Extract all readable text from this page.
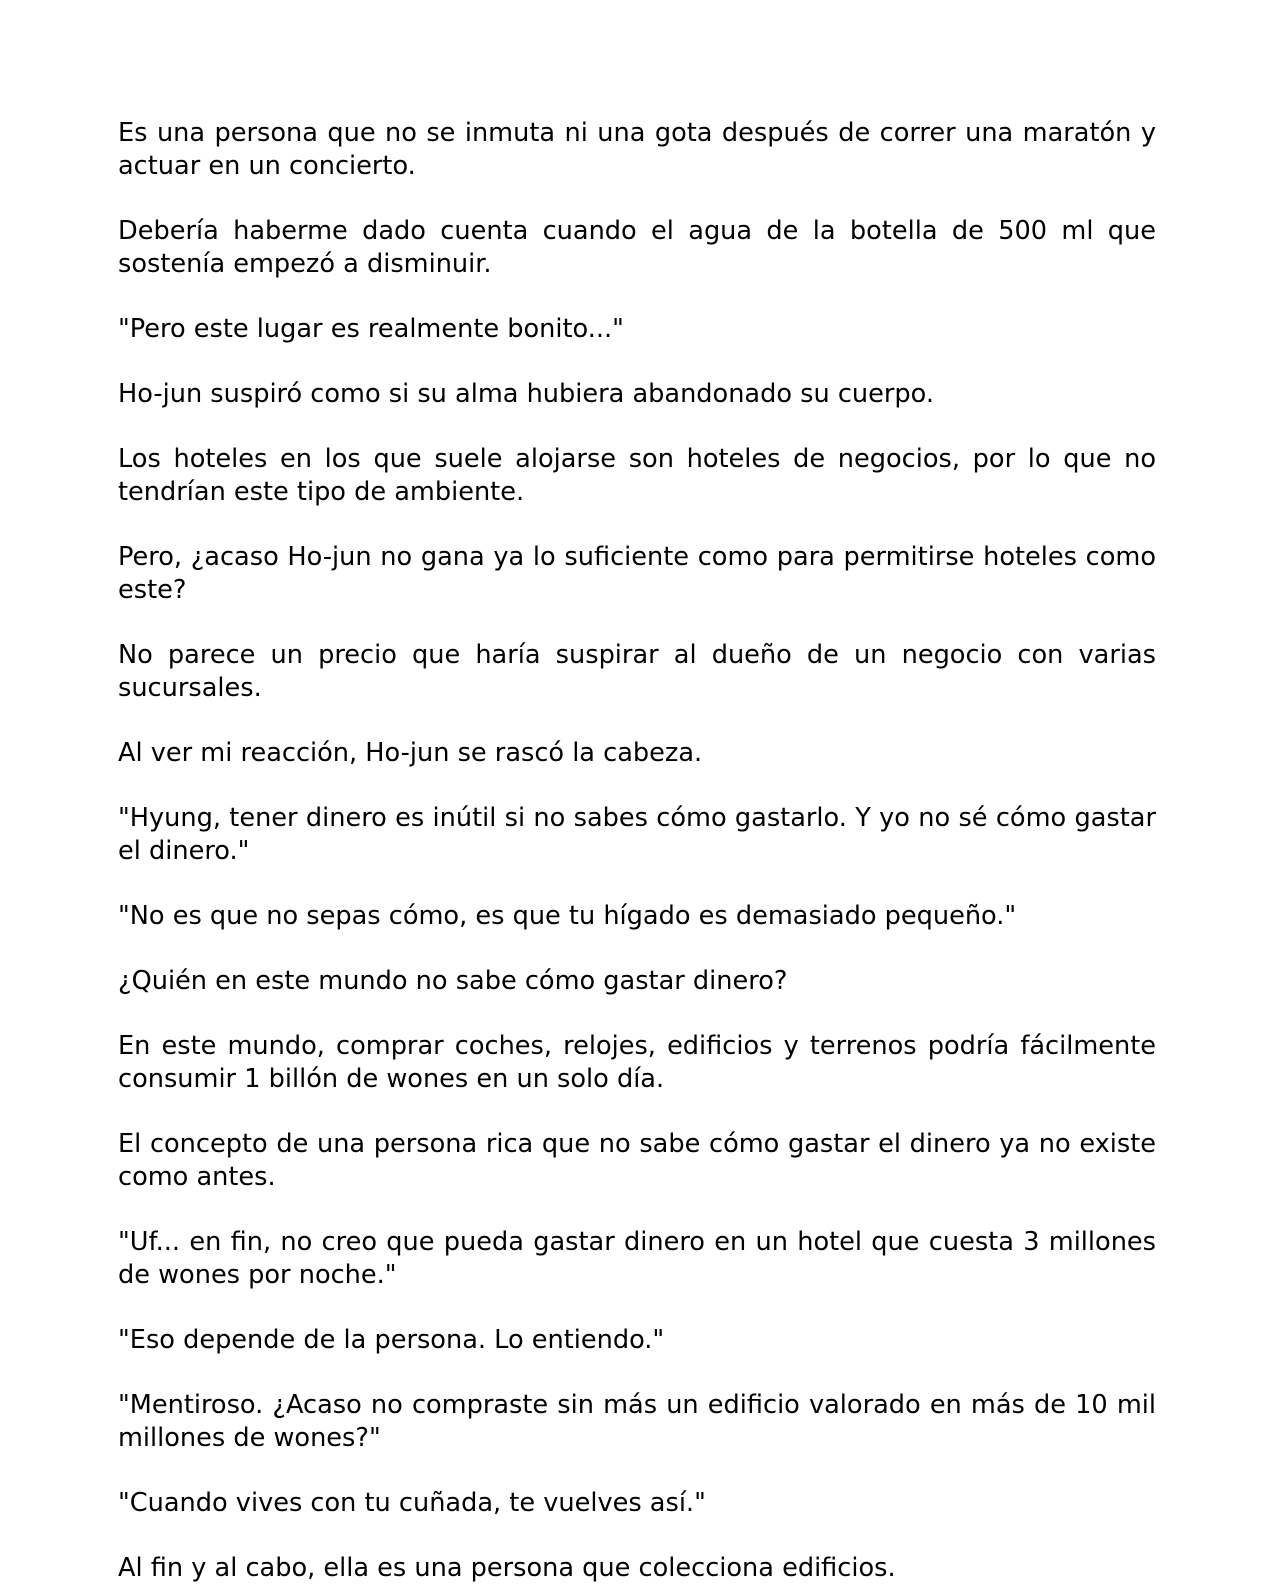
Es una persona que no se inmuta ni una gota después de correr una maratón y actuar en un concierto.

Debería haberme dado cuenta cuando el agua de la botella de 500 ml que sostenía empezó a disminuir.

"Pero este lugar es realmente bonito..."

Ho-jun suspiró como si su alma hubiera abandonado su cuerpo.

Los hoteles en los que suele alojarse son hoteles de negocios, por lo que no tendrían este tipo de ambiente.

Pero, ¿acaso Ho-jun no gana ya lo suficiente como para permitirse hoteles como este?

No parece un precio que haría suspirar al dueño de un negocio con varias sucursales.

Al ver mi reacción, Ho-jun se rascó la cabeza.

"Hyung, tener dinero es inútil si no sabes cómo gastarlo. Y yo no sé cómo gastar el dinero."

"No es que no sepas cómo, es que tu hígado es demasiado pequeño."

¿Quién en este mundo no sabe cómo gastar dinero?

En este mundo, comprar coches, relojes, edificios y terrenos podría fácilmente consumir 1 billón de wones en un solo día.

El concepto de una persona rica que no sabe cómo gastar el dinero ya no existe como antes.

"Uf... en fin, no creo que pueda gastar dinero en un hotel que cuesta 3 millones de wones por noche."

"Eso depende de la persona. Lo entiendo."

"Mentiroso. ¿Acaso no compraste sin más un edificio valorado en más de 10 mil millones de wones?"

"Cuando vives con tu cuñada, te vuelves así."

Al fin y al cabo, ella es una persona que colecciona edificios.
